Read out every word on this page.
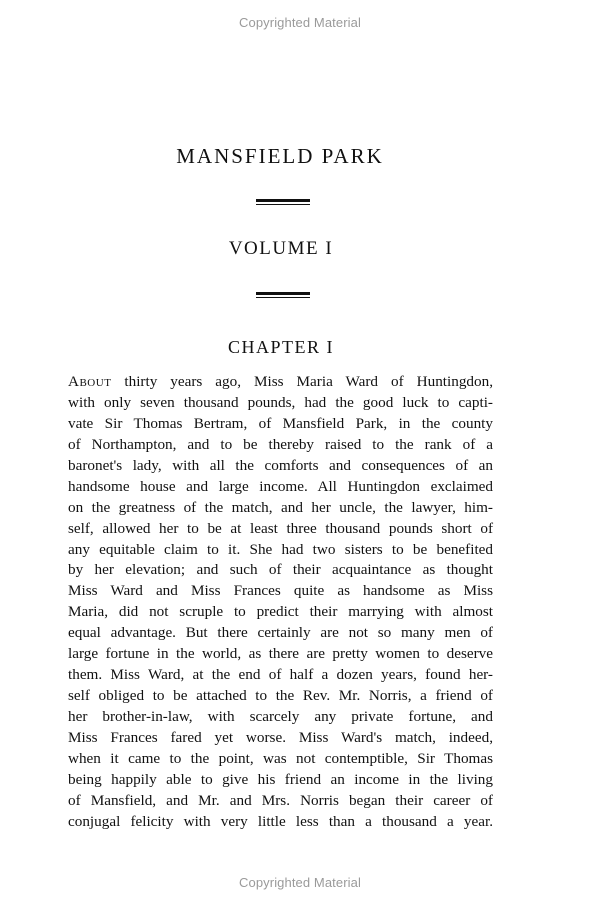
Copyrighted Material
MANSFIELD PARK
VOLUME I
CHAPTER I
About thirty years ago, Miss Maria Ward of Huntingdon,
with only seven thousand pounds, had the good luck to capti-
vate Sir Thomas Bertram, of Mansfield Park, in the county
of Northampton, and to be thereby raised to the rank of a
baronet's lady, with all the comforts and consequences of an
handsome house and large income. All Huntingdon exclaimed
on the greatness of the match, and her uncle, the lawyer, him-
self, allowed her to be at least three thousand pounds short of
any equitable claim to it. She had two sisters to be benefited
by her elevation; and such of their acquaintance as thought
Miss Ward and Miss Frances quite as handsome as Miss
Maria, did not scruple to predict their marrying with almost
equal advantage. But there certainly are not so many men of
large fortune in the world, as there are pretty women to deserve
them. Miss Ward, at the end of half a dozen years, found her-
self obliged to be attached to the Rev. Mr. Norris, a friend of
her brother-in-law, with scarcely any private fortune, and
Miss Frances fared yet worse. Miss Ward's match, indeed,
when it came to the point, was not contemptible, Sir Thomas
being happily able to give his friend an income in the living
of Mansfield, and Mr. and Mrs. Norris began their career of
conjugal felicity with very little less than a thousand a year.
Copyrighted Material
